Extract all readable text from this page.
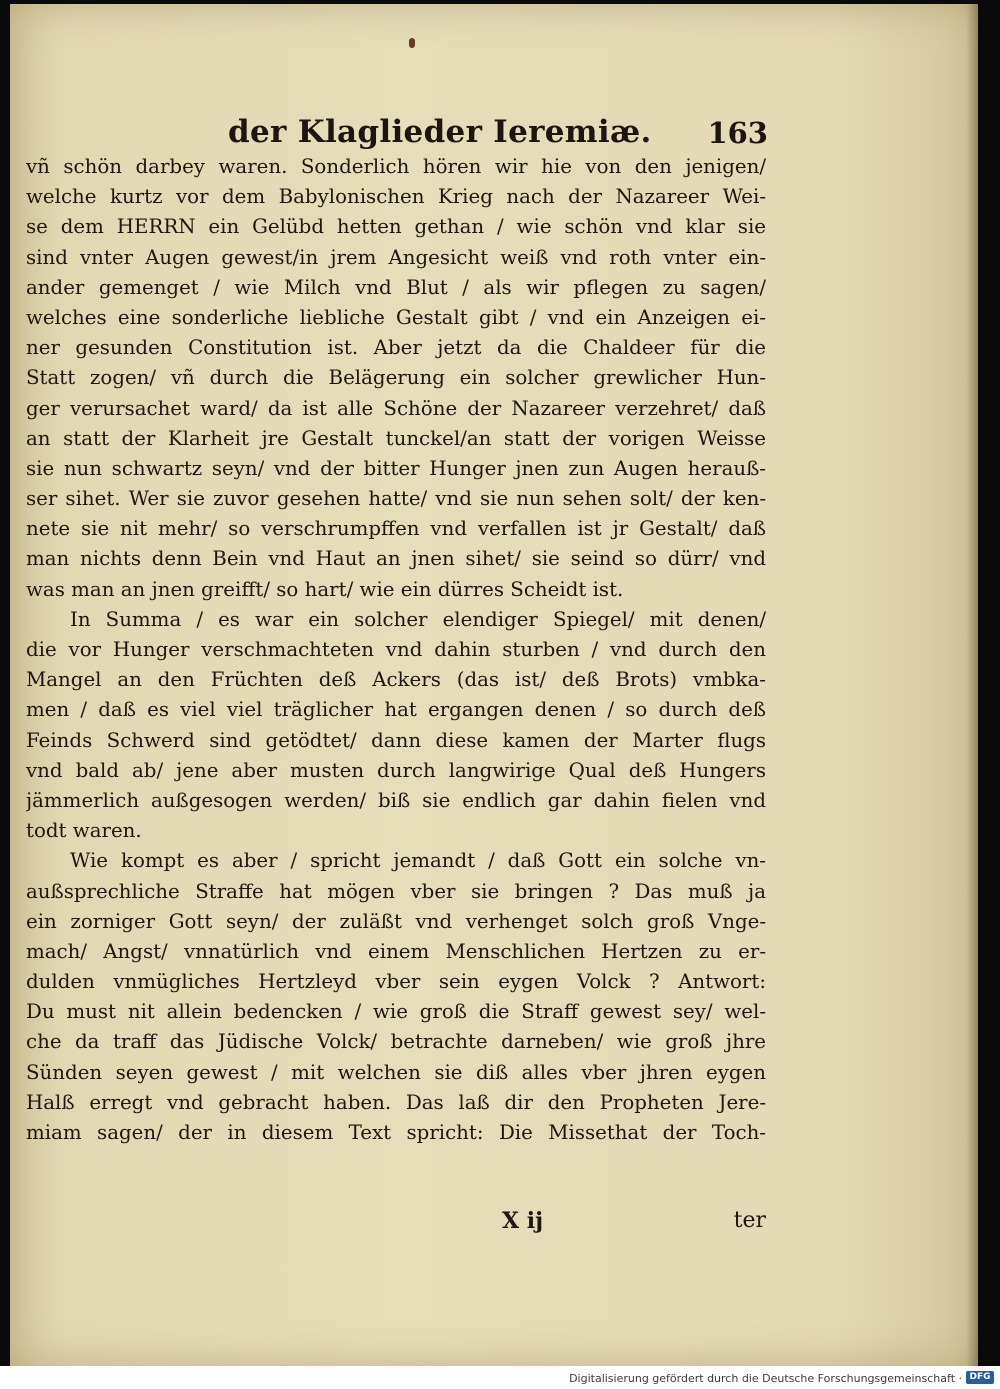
der Klaglieder Ieremiæ. 163
vñ schön darbey waren. Sonderlich hören wir hie von den jenigen/
welche kurtz vor dem Babylonischen Krieg nach der Nazareer Wei-
se dem HERRN ein Gelübd hetten gethan / wie schön vnd klar sie
sind vnter Augen gewest/in jrem Angesicht weiß vnd roth vnter ein-
ander gemenget / wie Milch vnd Blut / als wir pflegen zu sagen/
welches eine sonderliche liebliche Gestalt gibt / vnd ein Anzeigen ei-
ner gesunden Constitution ist. Aber jetzt da die Chaldeer für die
Statt zogen/ vñ durch die Belägerung ein solcher grewlicher Hun-
ger verursachet ward/ da ist alle Schöne der Nazareer verzehret/ daß
an statt der Klarheit jre Gestalt tunckel/an statt der vorigen Weisse
sie nun schwartz seyn/ vnd der bitter Hunger jnen zun Augen herauß-
ser sihet. Wer sie zuvor gesehen hatte/ vnd sie nun sehen solt/ der ken-
nete sie nit mehr/ so verschrumpffen vnd verfallen ist jr Gestalt/ daß
man nichts denn Bein vnd Haut an jnen sihet/ sie seind so dürr/ vnd
was man an jnen greifft/ so hart/ wie ein dürres Scheidt ist.
In Summa / es war ein solcher elendiger Spiegel/ mit denen/
die vor Hunger verschmachteten vnd dahin sturben / vnd durch den
Mangel an den Früchten deß Ackers (das ist/ deß Brots) vmbka-
men / daß es viel viel träglicher hat ergangen denen / so durch deß
Feinds Schwerd sind getödtet/ dann diese kamen der Marter flugs
vnd bald ab/ jene aber musten durch langwirige Qual deß Hungers
jämmerlich außgesogen werden/ biß sie endlich gar dahin fielen vnd
todt waren.
Wie kompt es aber / spricht jemandt / daß Gott ein solche vn-
außsprechliche Straffe hat mögen vber sie bringen ? Das muß ja
ein zorniger Gott seyn/ der zuläßt vnd verhenget solch groß Vnge-
mach/ Angst/ vnnatürlich vnd einem Menschlichen Hertzen zu er-
dulden vnmügliches Hertzleyd vber sein eygen Volck ? Antwort:
Du must nit allein bedencken / wie groß die Straff gewest sey/ wel-
che da traff das Jüdische Volck/ betrachte darneben/ wie groß jhre
Sünden seyen gewest / mit welchen sie diß alles vber jhren eygen
Halß erregt vnd gebracht haben. Das laß dir den Propheten Jere-
miam sagen/ der in diesem Text spricht: Die Missethat der Toch-
X ij	ter
Digitalisierung gefördert durch die Deutsche Forschungsgemeinschaft · DFG
